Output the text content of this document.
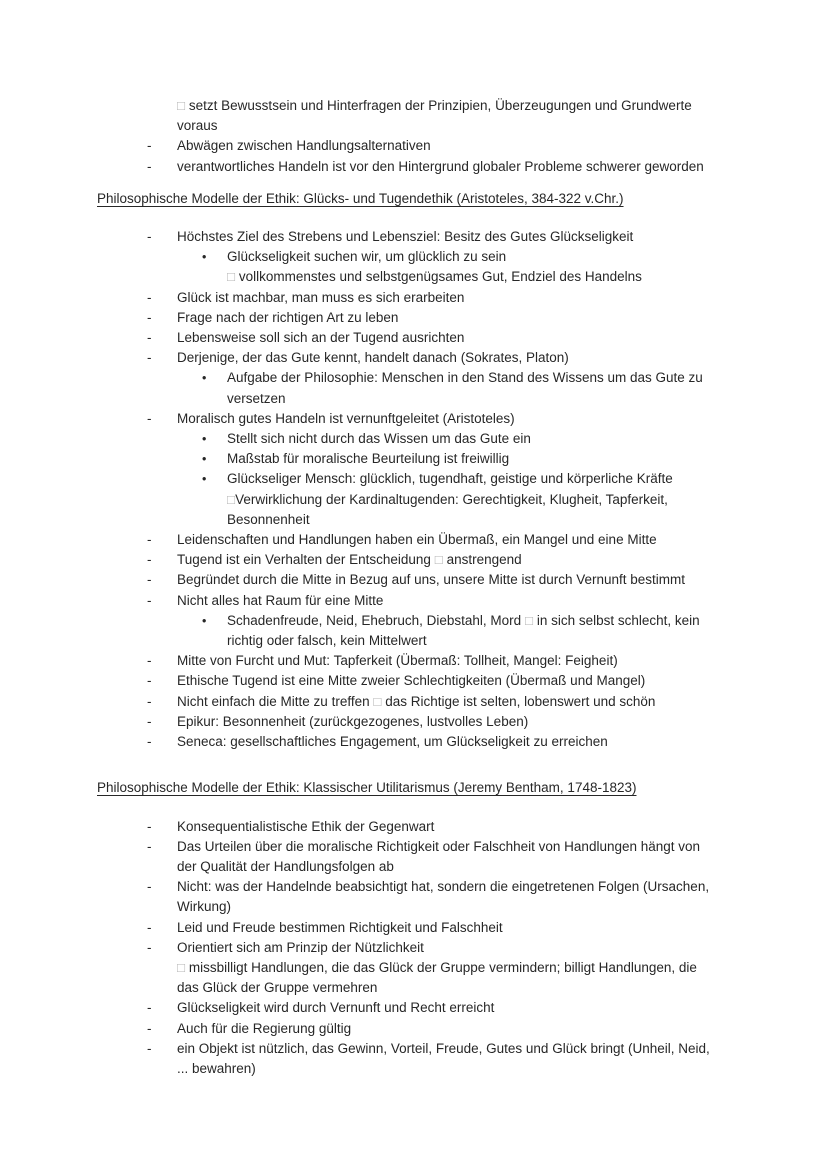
□ setzt Bewusstsein und Hinterfragen der Prinzipien, Überzeugungen und Grundwerte
voraus
-	Abwägen zwischen Handlungsalternativen
-	verantwortliches Handeln ist vor den Hintergrund globaler Probleme schwerer geworden
Philosophische Modelle der Ethik: Glücks- und Tugendethik (Aristoteles, 384-322 v.Chr.)
-	Höchstes Ziel des Strebens und Lebensziel: Besitz des Gutes Glückseligkeit
•	Glückseligkeit suchen wir, um glücklich zu sein
□ vollkommenstes und selbstgenügsames Gut, Endziel des Handelns
-	Glück ist machbar, man muss es sich erarbeiten
-	Frage nach der richtigen Art zu leben
-	Lebensweise soll sich an der Tugend ausrichten
-	Derjenige, der das Gute kennt, handelt danach (Sokrates, Platon)
•	Aufgabe der Philosophie: Menschen in den Stand des Wissens um das Gute zu
versetzen
-	Moralisch gutes Handeln ist vernunftgeleitet (Aristoteles)
•	Stellt sich nicht durch das Wissen um das Gute ein
•	Maßstab für moralische Beurteilung ist freiwillig
•	Glückseliger Mensch: glücklich, tugendhaft, geistige und körperliche Kräfte
□Verwirklichung der Kardinaltugenden: Gerechtigkeit, Klugheit, Tapferkeit,
Besonnenheit
-	Leidenschaften und Handlungen haben ein Übermaß, ein Mangel und eine Mitte
-	Tugend ist ein Verhalten der Entscheidung □ anstrengend
-	Begründet durch die Mitte in Bezug auf uns, unsere Mitte ist durch Vernunft bestimmt
-	Nicht alles hat Raum für eine Mitte
•	Schadenfreude, Neid, Ehebruch, Diebstahl, Mord □ in sich selbst schlecht, kein
richtig oder falsch, kein Mittelwert
-	Mitte von Furcht und Mut: Tapferkeit (Übermaß: Tollheit, Mangel: Feigheit)
-	Ethische Tugend ist eine Mitte zweier Schlechtigkeiten (Übermaß und Mangel)
-	Nicht einfach die Mitte zu treffen □ das Richtige ist selten, lobenswert und schön
-	Epikur: Besonnenheit (zurückgezogenes, lustvolles Leben)
-	Seneca: gesellschaftliches Engagement, um Glückseligkeit zu erreichen
Philosophische Modelle der Ethik: Klassischer Utilitarismus (Jeremy Bentham, 1748-1823)
-	Konsequentialistische Ethik der Gegenwart
-	Das Urteilen über die moralische Richtigkeit oder Falschheit von Handlungen hängt von
der Qualität der Handlungsfolgen ab
-	Nicht: was der Handelnde beabsichtigt hat, sondern die eingetretenen Folgen (Ursachen,
Wirkung)
-	Leid und Freude bestimmen Richtigkeit und Falschheit
-	Orientiert sich am Prinzip der Nützlichkeit
□ missbilligt Handlungen, die das Glück der Gruppe vermindern; billigt Handlungen, die
das Glück der Gruppe vermehren
-	Glückseligkeit wird durch Vernunft und Recht erreicht
-	Auch für die Regierung gültig
-	ein Objekt ist nützlich, das Gewinn, Vorteil, Freude, Gutes und Glück bringt (Unheil, Neid,
... bewahren)
